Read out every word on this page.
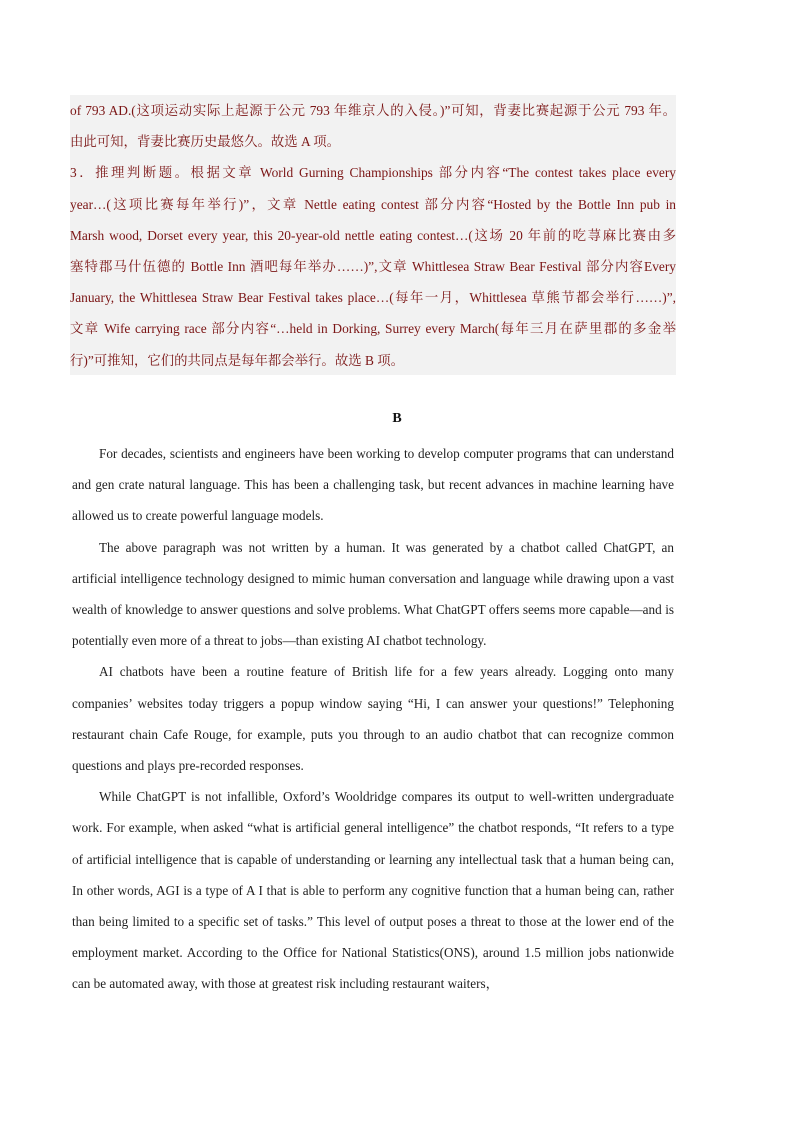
of 793 AD.(这项运动实际上起源于公元 793 年维京人的入侵。)”可知，背妻比赛起源于公元 793 年。

由此可知，背妻比赛历史最悠久。故选 A 项。

3．推理判断题。根据文章 World Gurning Championships 部分内容“The contest takes place every

year…(这项比赛每年举行)”，文章 Nettle eating contest 部分内容“Hosted by the Bottle Inn pub in

Marsh wood, Dorset every year, this 20-year-old nettle eating contest…(这场 20 年前的吃荨麻比赛由多

塞特郡马什伍德的 Bottle Inn 酒吧每年举办……)”,文章 Whittlesea Straw Bear Festival 部分内容Every

January, the Whittlesea Straw Bear Festival takes place…(每年一月，Whittlesea 草熊节都会举行……)”,

文章 Wife carrying race 部分内容“…held in Dorking, Surrey every March(每年三月在萨里郡的多金举

行)”可推知，它们的共同点是每年都会举行。故选 B 项。

B

For decades, scientists and engineers have been working to develop computer programs that can understand and gen crate natural language. This has been a challenging task, but recent advances in machine learning have allowed us to create powerful language models.

The above paragraph was not written by a human. It was generated by a chatbot called ChatGPT, an artificial intelligence technology designed to mimic human conversation and language while drawing upon a vast wealth of knowledge to answer questions and solve problems. What ChatGPT offers seems more capable—and is potentially even more of a threat to jobs—than existing AI chatbot technology.

AI chatbots have been a routine feature of British life for a few years already. Logging onto many companies’ websites today triggers a popup window saying “Hi, I can answer your questions!” Telephoning restaurant chain Cafe Rouge, for example, puts you through to an audio chatbot that can recognize common questions and plays pre-recorded responses.

While ChatGPT is not infallible, Oxford’s Wooldridge compares its output to well-written undergraduate work. For example, when asked “what is artificial general intelligence” the chatbot responds, “It refers to a type of artificial intelligence that is capable of understanding or learning any intellectual task that a human being can, In other words, AGI is a type of A I that is able to perform any cognitive function that a human being can, rather than being limited to a specific set of tasks.” This level of output poses a threat to those at the lower end of the employment market. According to the Office for National Statistics(ONS), around 1.5 million jobs nationwide can be automated away, with those at greatest risk including restaurant waiters，
